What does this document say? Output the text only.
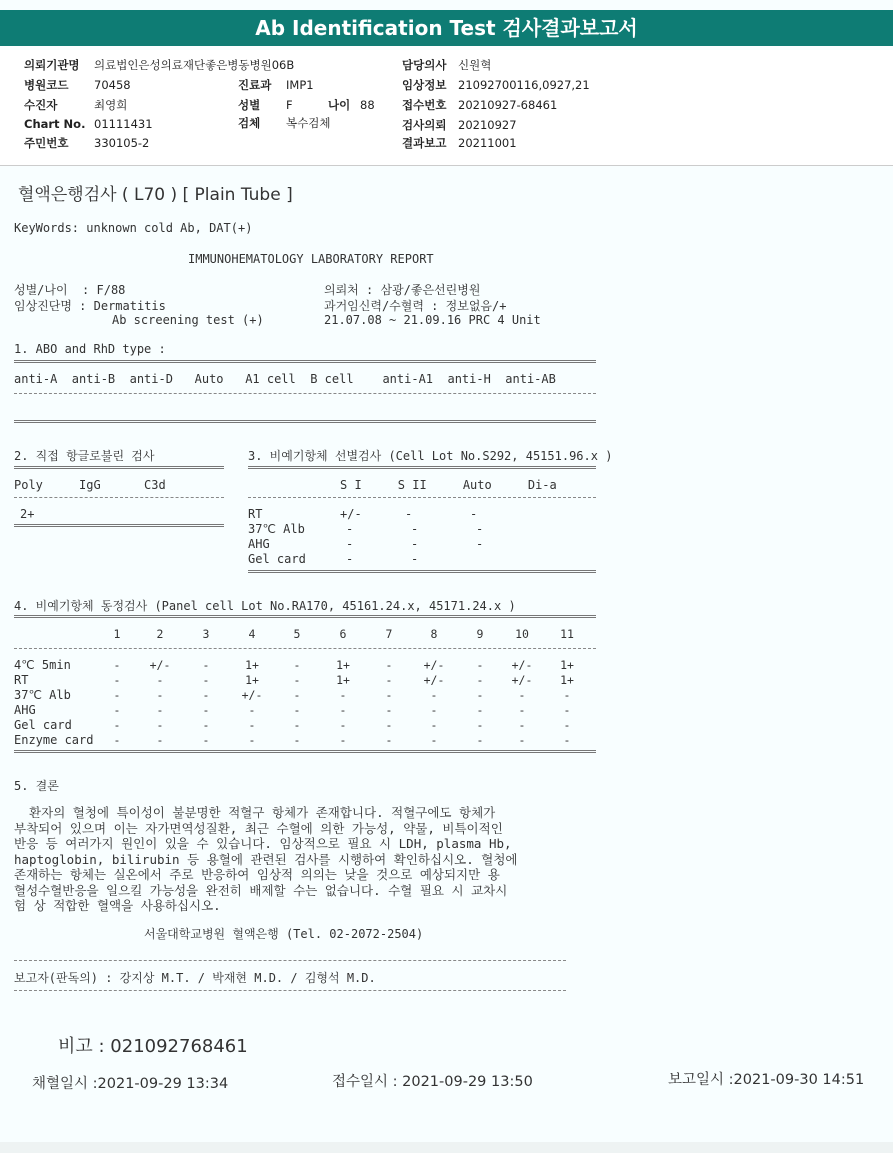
Ab Identification Test 검사결과보고서
의뢰기관명 의료법인은성의료재단좋은병동병원06B
병원코드 70458
수진자	최영희
Chart No. 01111431
주민번호 330105-2
진료과 IMP1
성별 F	나이 88
검체 복수검체
담당의사 신원혁
임상정보 21092700116,0927,21
접수번호 20210927-68461
검사의뢰 20210927
결과보고 20211001
혈액은행검사 ( L70 ) [ Plain Tube ]
KeyWords: unknown cold Ab, DAT(+)
IMMUNOHEMATOLOGY LABORATORY REPORT
성별/나이  : F/88
임상진단명 : Dermatitis
Ab screening test (+)
의뢰처 : 삼광/좋은선린병원
과거임신력/수혈력 : 정보없음/+
21.07.08 ~ 21.09.16 PRC 4 Unit
1. ABO and RhD type :
anti-A  anti-B  anti-D   Auto   A1 cell  B cell    anti-A1  anti-H  anti-AB
2. 직접 항글로불린 검사
Poly     IgG      C3d
2+
3. 비예기항체 선별검사 (Cell Lot No.S292, 45151.96.x )
S I     S II     Auto     Di-a
RT	+/-      -        -
37℃ Alb	-        -        -
AHG	-        -        -
Gel card	-        -
4. 비예기항체 동정검사 (Panel cell Lot No.RA170, 45161.24.x, 45171.24.x )
1	2	3	4	5	6	7	8	9	10	11
4℃ 5min	-	+/-	-	1+	-	1+	-	+/-	-	+/-	1+
RT	-	-	-	1+	-	1+	-	+/-	-	+/-	1+
37℃ Alb	-	-	-	+/-	-	-	-	-	-	-	-
AHG	-	-	-	-	-	-	-	-	-	-	-
Gel card	-	-	-	-	-	-	-	-	-	-	-
Enzyme card	-	-	-	-	-	-	-	-	-	-	-
5. 결론
환자의 혈청에 특이성이 불분명한 적혈구 항체가 존재합니다. 적혈구에도 항체가
부착되어 있으며 이는 자가면역성질환, 최근 수혈에 의한 가능성, 약물, 비특이적인
반응 등 여러가지 원인이 있을 수 있습니다. 임상적으로 필요 시 LDH, plasma Hb,
haptoglobin, bilirubin 등 용혈에 관련된 검사를 시행하여 확인하십시오. 혈청에
존재하는 항체는 실온에서 주로 반응하여 임상적 의의는 낮을 것으로 예상되지만 용
혈성수혈반응을 일으킬 가능성을 완전히 배제할 수는 없습니다. 수혈 필요 시 교차시
험 상 적합한 혈액을 사용하십시오.
서울대학교병원 혈액은행 (Tel. 02-2072-2504)
보고자(판독의) : 강지상 M.T. / 박재현 M.D. / 김형석 M.D.
비고 : 021092768461
채혈일시 :2021-09-29 13:34	접수일시 : 2021-09-29 13:50	보고일시 :2021-09-30 14:51
